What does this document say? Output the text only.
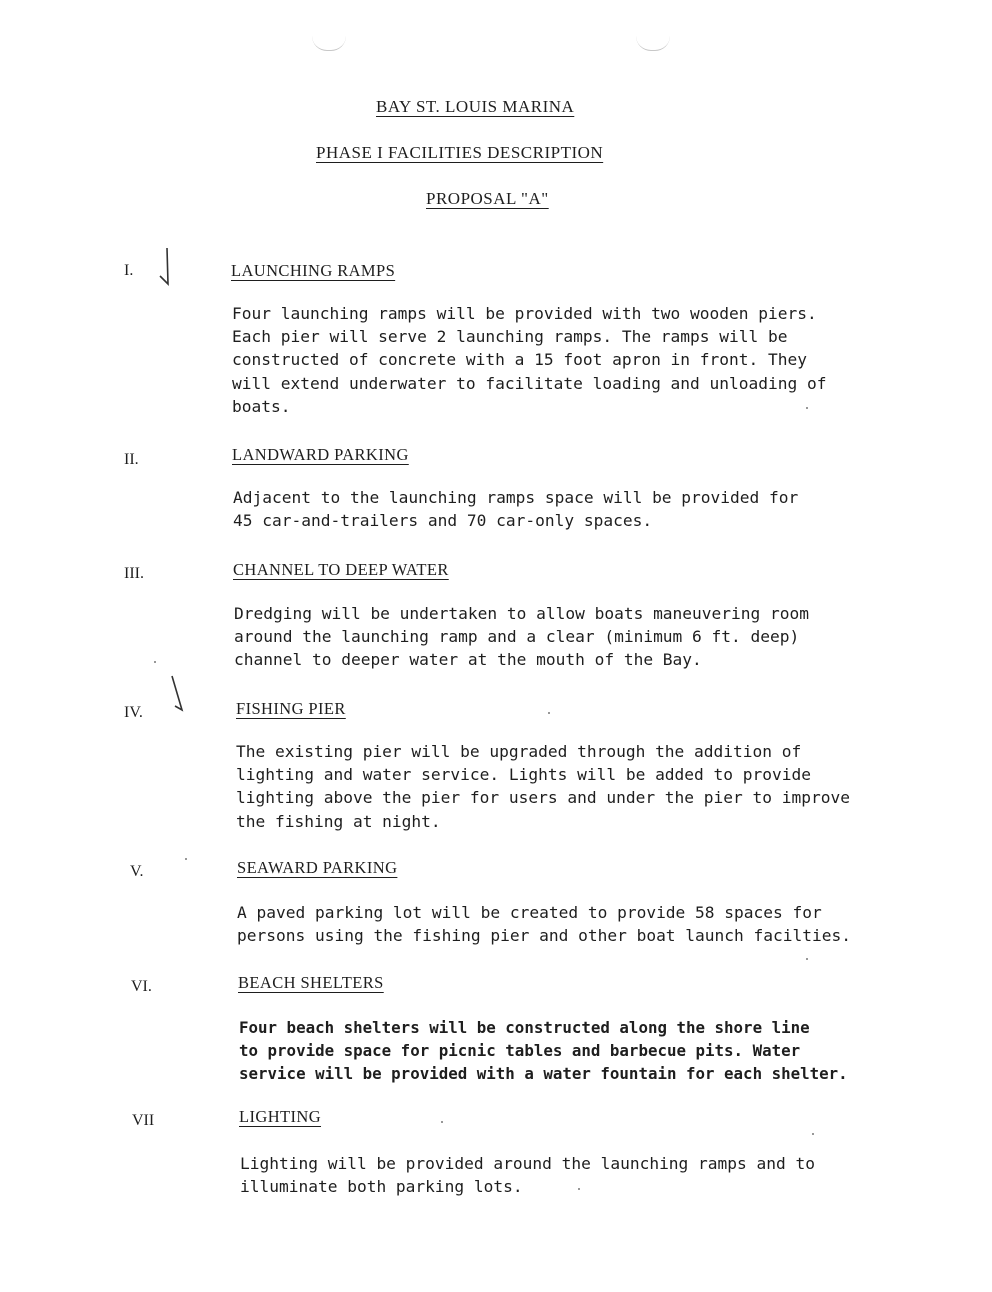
BAY ST. LOUIS MARINA
PHASE I FACILITIES DESCRIPTION
PROPOSAL "A"
I.	LAUNCHING RAMPS
Four launching ramps will be provided with two wooden piers.
Each pier will serve 2 launching ramps. The ramps will be
constructed of concrete with a 15 foot apron in front. They
will extend underwater to facilitate loading and unloading of
boats.
II.	LANDWARD PARKING
Adjacent to the launching ramps space will be provided for
45 car-and-trailers and 70 car-only spaces.
III.	CHANNEL TO DEEP WATER
Dredging will be undertaken to allow boats maneuvering room
around the launching ramp and a clear (minimum 6 ft. deep)
channel to deeper water at the mouth of the Bay.
IV.	FISHING PIER
The existing pier will be upgraded through the addition of
lighting and water service. Lights will be added to provide
lighting above the pier for users and under the pier to improve
the fishing at night.
V.	SEAWARD PARKING
A paved parking lot will be created to provide 58 spaces for
persons using the fishing pier and other boat launch facilties.
VI.	BEACH SHELTERS
Four beach shelters will be constructed along the shore line
to provide space for picnic tables and barbecue pits. Water
service will be provided with a water fountain for each shelter.
VII	LIGHTING
Lighting will be provided around the launching ramps and to
illuminate both parking lots.
